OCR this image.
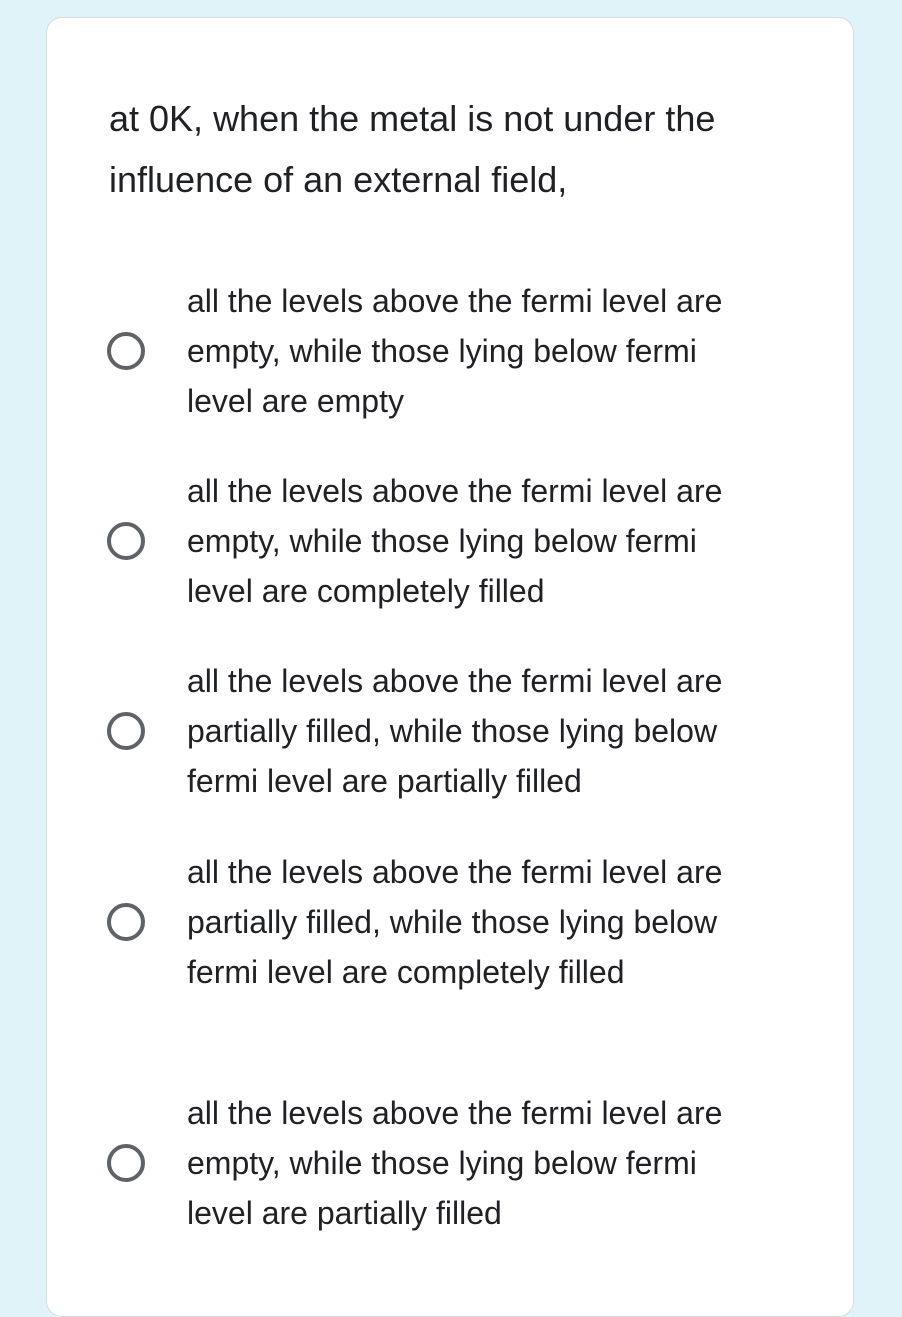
at 0K, when the metal is not under the influence of an external field,

all the levels above the fermi level are empty, while those lying below fermi level are empty
all the levels above the fermi level are empty, while those lying below fermi level are completely filled
all the levels above the fermi level are partially filled, while those lying below fermi level are partially filled
all the levels above the fermi level are partially filled, while those lying below fermi level are completely filled
all the levels above the fermi level are empty, while those lying below fermi level are partially filled
